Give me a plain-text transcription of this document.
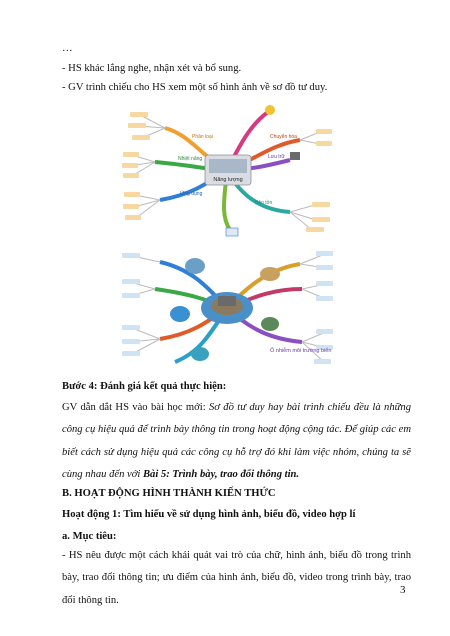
…
- HS khác lắng nghe, nhận xét và bổ sung.
- GV trình chiếu cho HS xem một số hình ảnh về sơ đồ tư duy.
Năng lượng
Phân loại
Nhiệt năng
Chuyển hóa
Lưu trữ
Ứng dụng
Bảo tồn
Ô nhiễm môi trường biển
Bước 4: Đánh giá kết quả thực hiện:
GV dẫn dắt HS vào bài học mới: Sơ đồ tư duy hay bài trình chiếu đều là những công cụ hiệu quả để trình bày thông tin trong hoạt động cộng tác. Để giúp các em biết cách sử dụng hiệu quả các công cụ hỗ trợ đó khi làm việc nhóm, chúng ta sẽ cùng nhau đến với Bài 5: Trình bày, trao đổi thông tin.
B. HOẠT ĐỘNG HÌNH THÀNH KIẾN THỨC
Hoạt động 1: Tìm hiểu về sử dụng hình ảnh, biểu đồ, video hợp lí
a. Mục tiêu:
- HS nêu được một cách khái quát vai trò của chữ, hình ảnh, biểu đồ trong trình bày, trao đổi thông tin; ưu điểm của hình ảnh, biểu đồ, video trong trình bày, trao đổi thông tin.
3
